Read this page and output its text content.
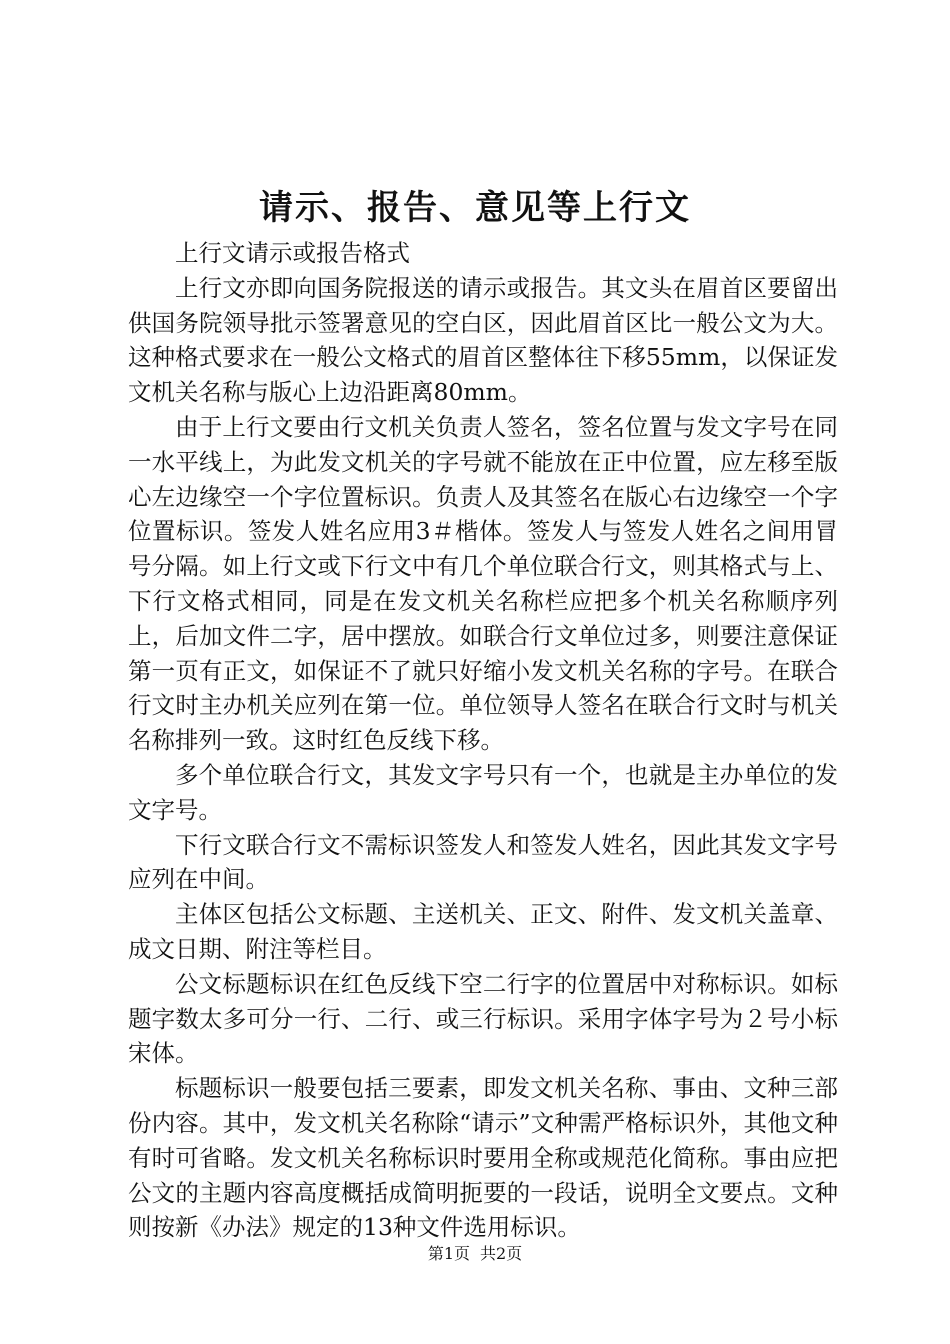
请示、报告、意见等上行文

上行文请示或报告格式

上行文亦即向国务院报送的请示或报告。其文头在眉首区要留出供国务院领导批示签署意见的空白区，因此眉首区比一般公文为大。这种格式要求在一般公文格式的眉首区整体往下移55mm，以保证发文机关名称与版心上边沿距离80mm。

由于上行文要由行文机关负责人签名，签名位置与发文字号在同一水平线上，为此发文机关的字号就不能放在正中位置，应左移至版心左边缘空一个字位置标识。负责人及其签名在版心右边缘空一个字位置标识。签发人姓名应用3＃楷体。签发人与签发人姓名之间用冒号分隔。如上行文或下行文中有几个单位联合行文，则其格式与上、下行文格式相同，同是在发文机关名称栏应把多个机关名称顺序列上，后加文件二字，居中摆放。如联合行文单位过多，则要注意保证第一页有正文，如保证不了就只好缩小发文机关名称的字号。在联合行文时主办机关应列在第一位。单位领导人签名在联合行文时与机关名称排列一致。这时红色反线下移。

多个单位联合行文，其发文字号只有一个，也就是主办单位的发文字号。

下行文联合行文不需标识签发人和签发人姓名，因此其发文字号应列在中间。

主体区包括公文标题、主送机关、正文、附件、发文机关盖章、成文日期、附注等栏目。

公文标题标识在红色反线下空二行字的位置居中对称标识。如标题字数太多可分一行、二行、或三行标识。采用字体字号为２号小标宋体。

标题标识一般要包括三要素，即发文机关名称、事由、文种三部份内容。其中，发文机关名称除“请示”文种需严格标识外，其他文种有时可省略。发文机关名称标识时要用全称或规范化简称。事由应把公文的主题内容高度概括成简明扼要的一段话，说明全文要点。文种则按新《办法》规定的13种文件选用标识。

第1页 共2页
